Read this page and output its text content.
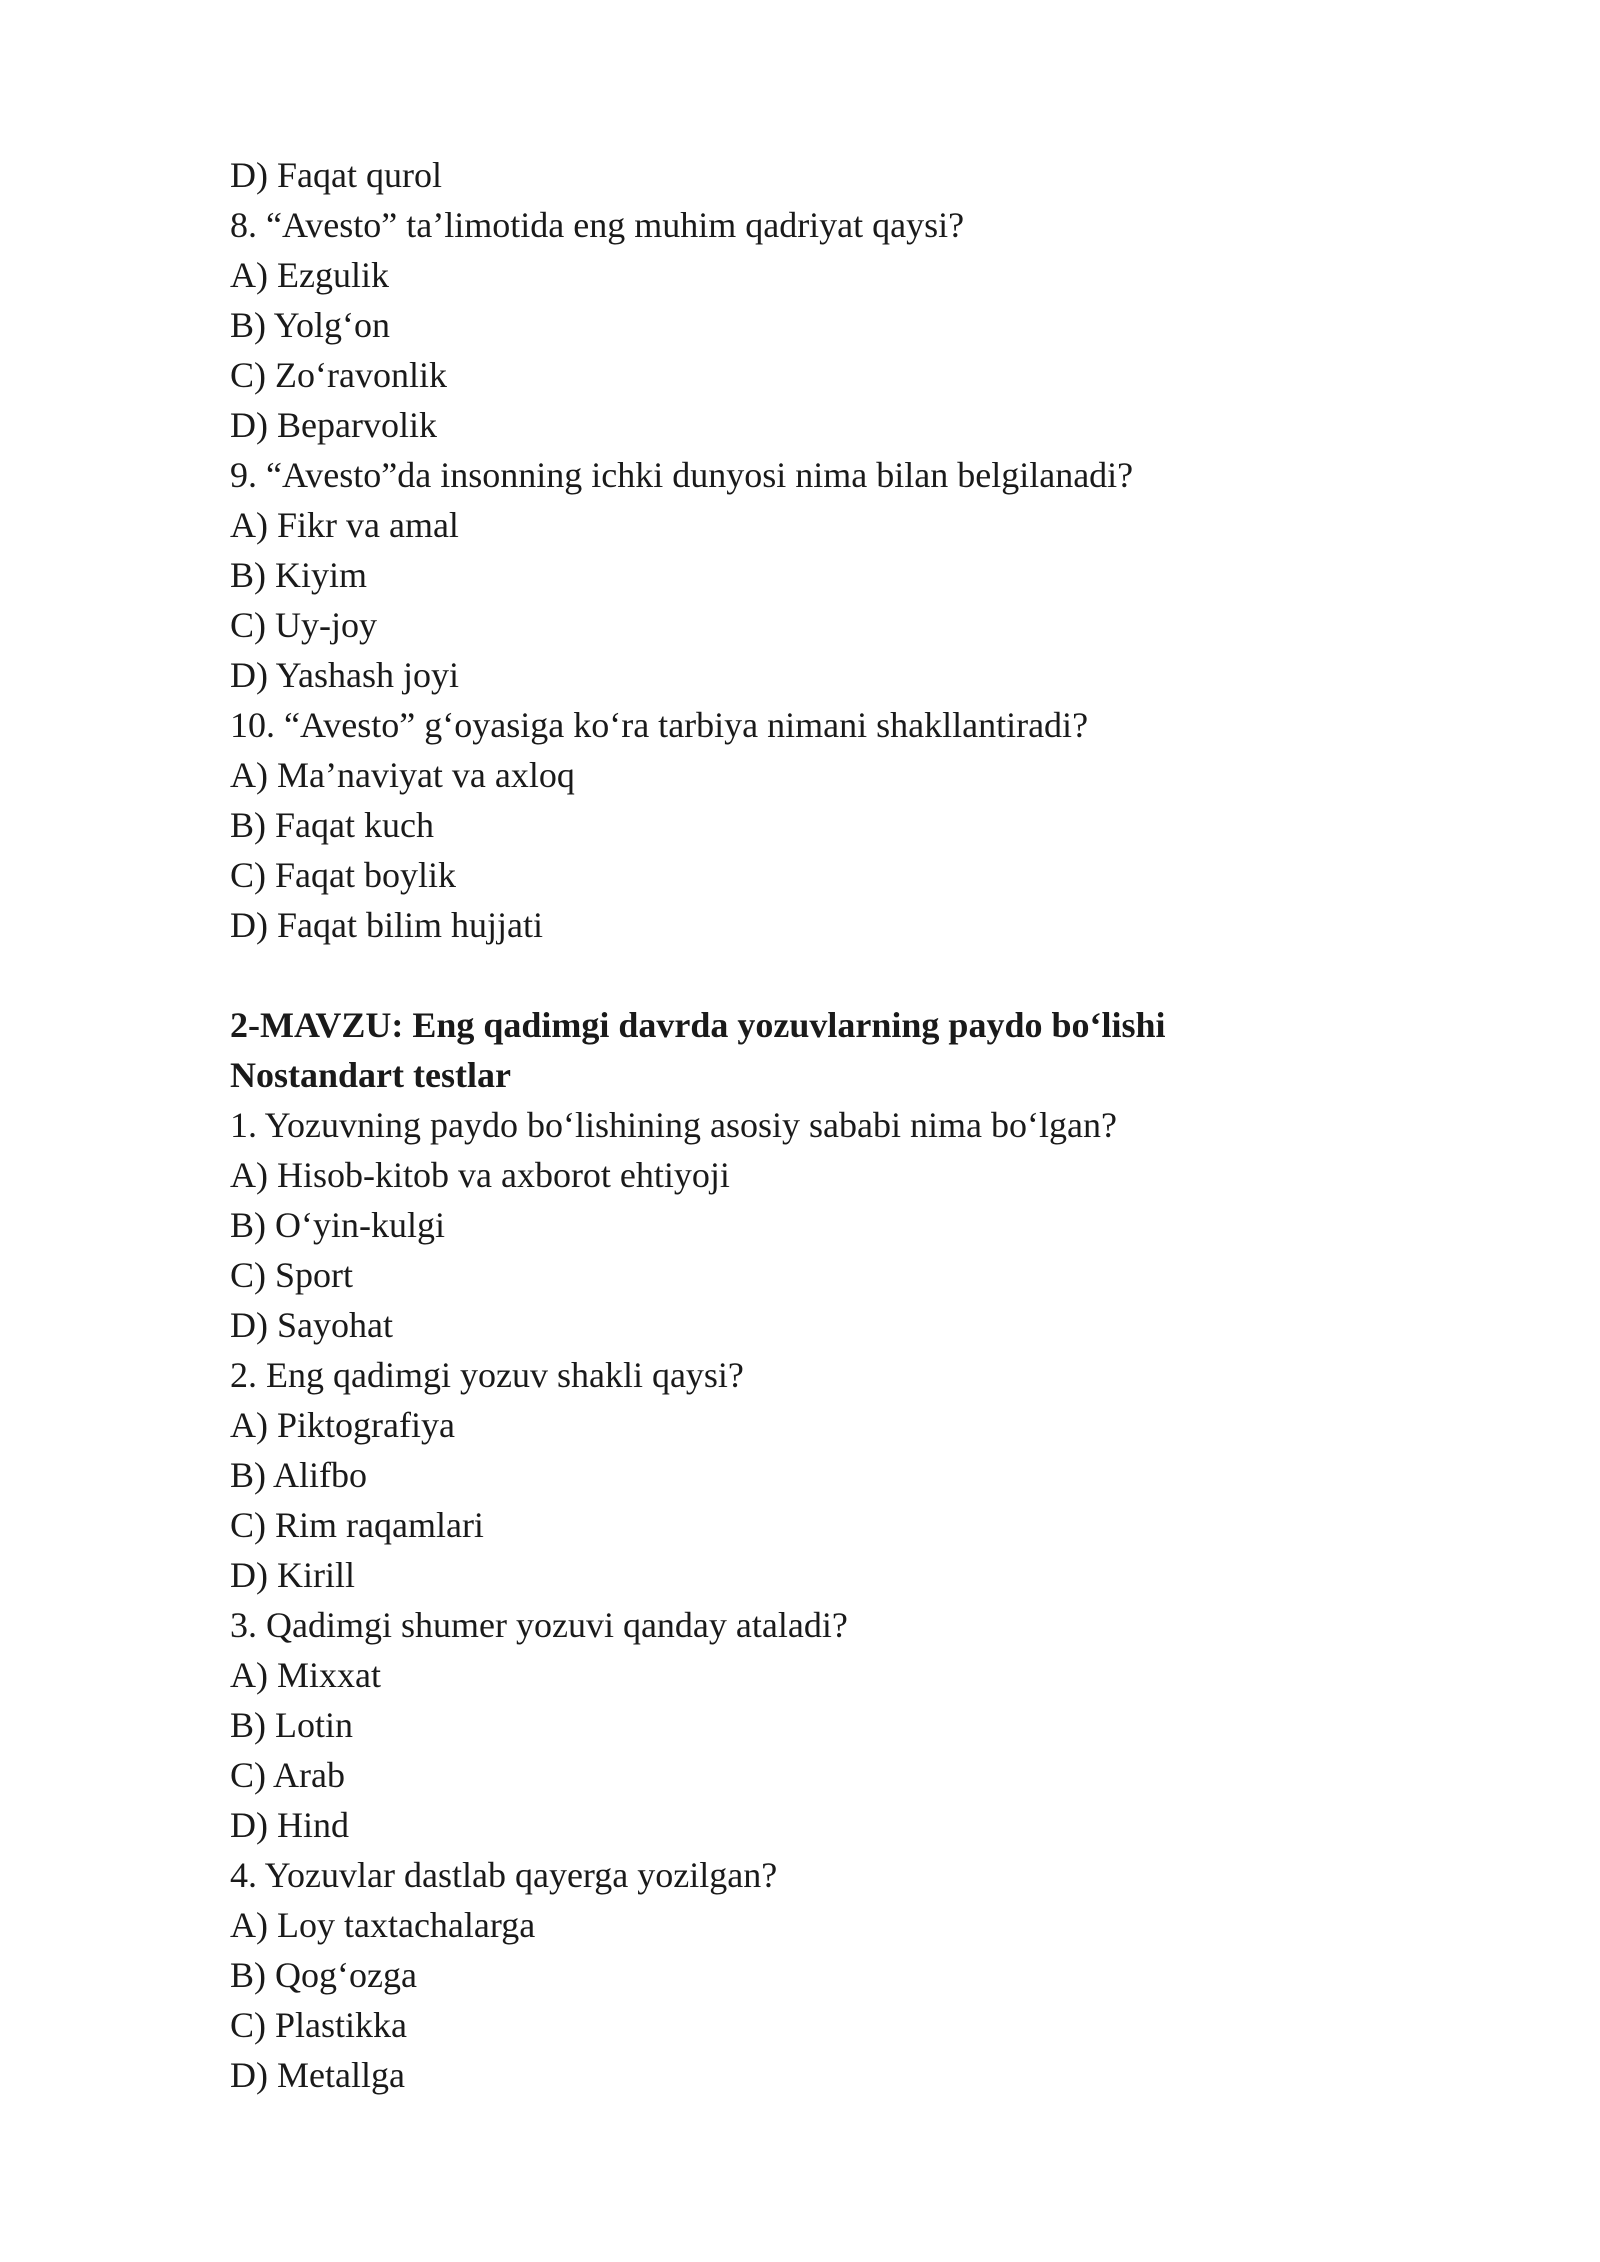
D) Faqat qurol
8. “Avesto” ta’limotida eng muhim qadriyat qaysi?
A) Ezgulik
B) Yolg‘on
C) Zo‘ravonlik
D) Beparvolik
9. “Avesto”da insonning ichki dunyosi nima bilan belgilanadi?
A) Fikr va amal
B) Kiyim
C) Uy-joy
D) Yashash joyi
10. “Avesto” g‘oyasiga ko‘ra tarbiya nimani shakllantiradi?
A) Ma’naviyat va axloq
B) Faqat kuch
C) Faqat boylik
D) Faqat bilim hujjati
2-MAVZU: Eng qadimgi davrda yozuvlarning paydo bo‘lishi
Nostandart testlar
1. Yozuvning paydo bo‘lishining asosiy sababi nima bo‘lgan?
A) Hisob-kitob va axborot ehtiyoji
B) O‘yin-kulgi
C) Sport
D) Sayohat
2. Eng qadimgi yozuv shakli qaysi?
A) Piktografiya
B) Alifbo
C) Rim raqamlari
D) Kirill
3. Qadimgi shumer yozuvi qanday ataladi?
A) Mixxat
B) Lotin
C) Arab
D) Hind
4. Yozuvlar dastlab qayerga yozilgan?
A) Loy taxtachalarga
B) Qog‘ozga
C) Plastikka
D) Metallga
